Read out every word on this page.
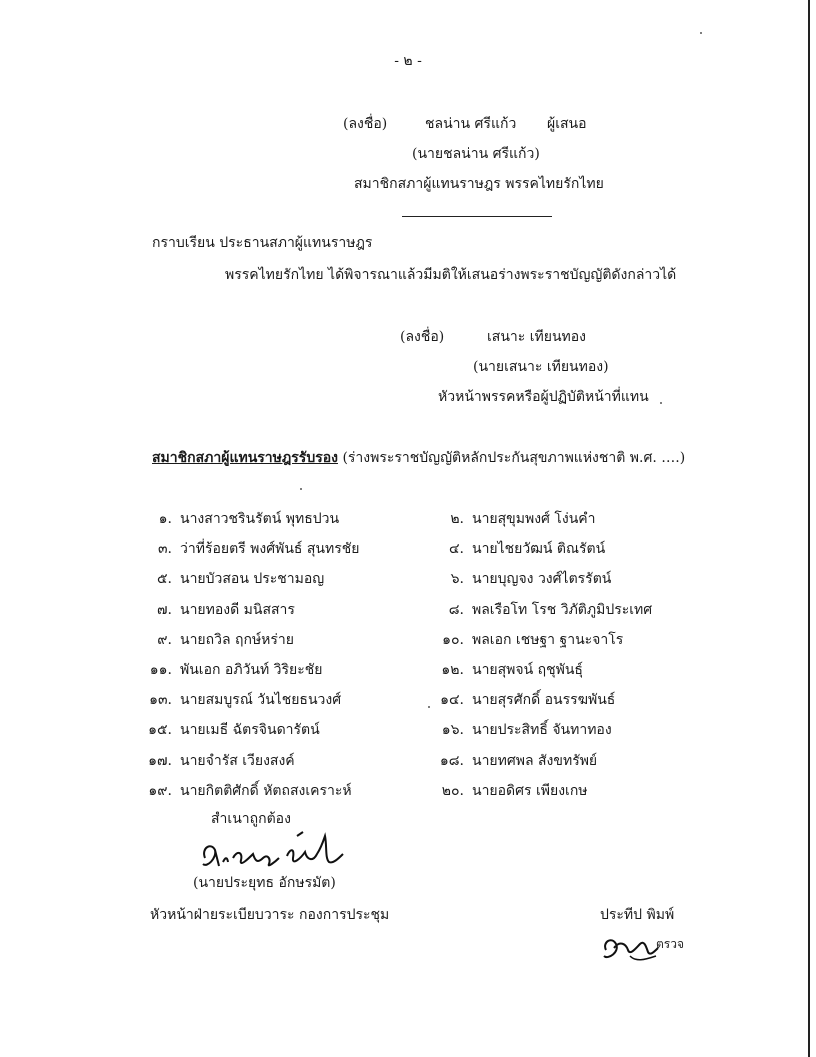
- ๒ -
(ลงชื่อ)	ชลน่าน ศรีแก้ว ผู้เสนอ
(นายชลน่าน ศรีแก้ว)
สมาชิกสภาผู้แทนราษฎร พรรคไทยรักไทย
กราบเรียน ประธานสภาผู้แทนราษฎร
พรรคไทยรักไทย ได้พิจารณาแล้วมีมติให้เสนอร่างพระราชบัญญัติดังกล่าวได้
(ลงชื่อ)	เสนาะ เทียนทอง
(นายเสนาะ เทียนทอง)
หัวหน้าพรรคหรือผู้ปฏิบัติหน้าที่แทน
สมาชิกสภาผู้แทนราษฎรรับรอง (ร่างพระราชบัญญัติหลักประกันสุขภาพแห่งชาติ พ.ศ. ….)
๑. นางสาวชรินรัตน์ พุทธปวน
๓. ว่าที่ร้อยตรี พงศ์พันธ์ สุนทรชัย
๕. นายบัวสอน ประชามอญ
๗. นายทองดี มนิสสาร
๙. นายถวิล ฤกษ์หร่าย
๑๑. พันเอก อภิวันท์ วิริยะชัย
๑๓. นายสมบูรณ์ วันไชยธนวงศ์
๑๕. นายเมธี ฉัตรจินดารัตน์
๑๗. นายจำรัส เวียงสงค์
๑๙. นายกิตติศักดิ์ หัตถสงเคราะห์
๒. นายสุขุมพงศ์ โง่นคำ
๔. นายไชยวัฒน์ ติณรัตน์
๖. นายบุญจง วงศ์ไตรรัตน์
๘. พลเรือโท โรช วิภัติภูมิประเทศ
๑๐. พลเอก เชษฐา ฐานะจาโร
๑๒. นายสุพจน์ ฤชุพันธุ์
๑๔. นายสุรศักดิ์ อนรรฆพันธ์
๑๖. นายประสิทธิ์ จันทาทอง
๑๘. นายทศพล สังขทรัพย์
๒๐. นายอดิศร เพียงเกษ
สำเนาถูกต้อง
(นายประยุทธ อักษรมัต)
หัวหน้าฝ่ายระเบียบวาระ กองการประชุม	ประทีป พิมพ์
ตรวจ
